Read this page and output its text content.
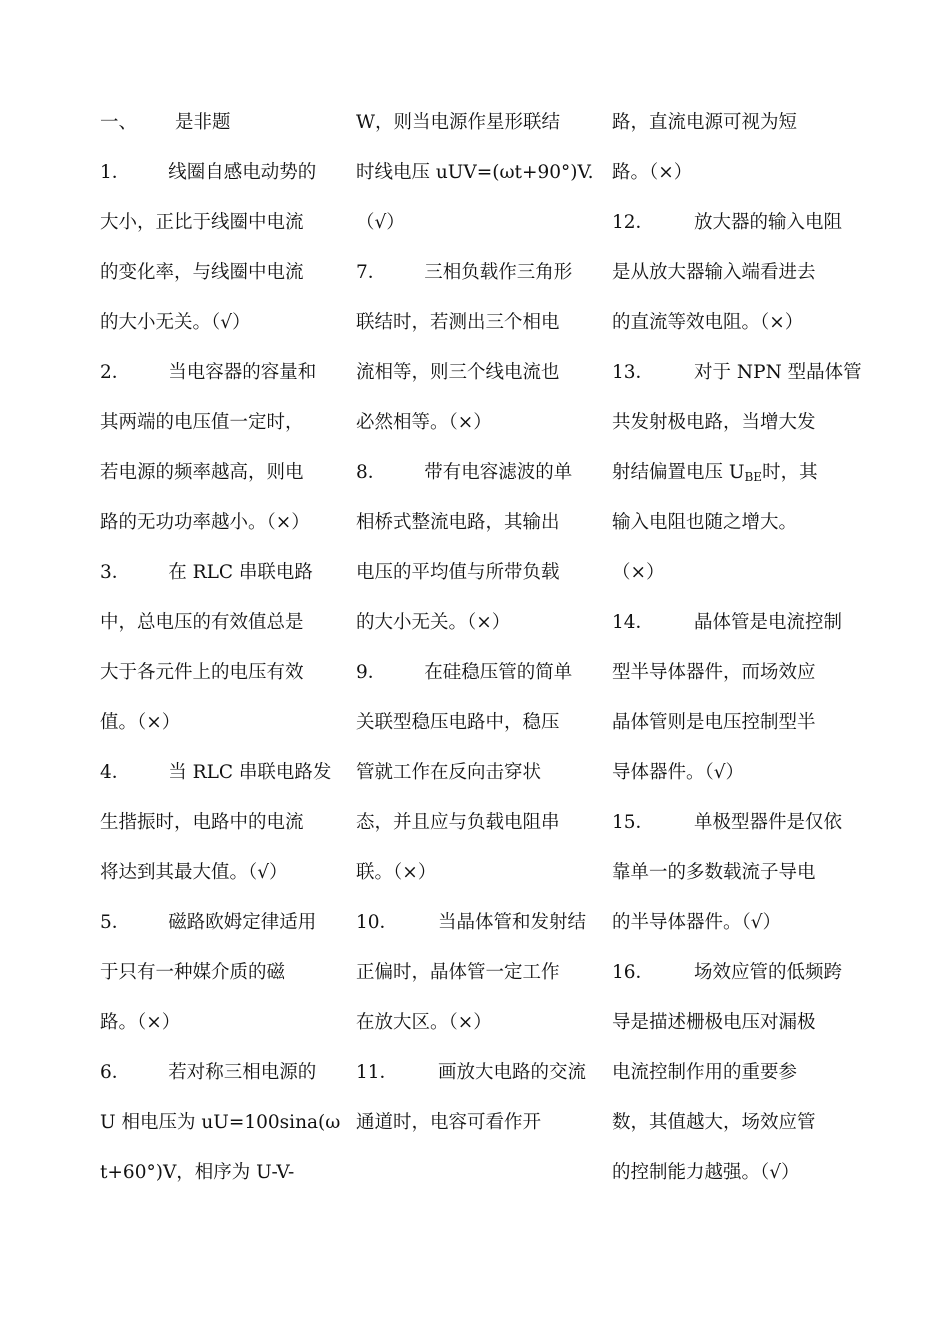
一、 是非题
1． 线圈自感电动势的
大小，正比于线圈中电流
的变化率，与线圈中电流
的大小无关。（√）
2． 当电容器的容量和
其两端的电压值一定时，
若电源的频率越高，则电
路的无功功率越小。（×）
3． 在 RLC 串联电路
中，总电压的有效值总是
大于各元件上的电压有效
值。（×）
4． 当 RLC 串联电路发
生揩振时，电路中的电流
将达到其最大值。（√）
5． 磁路欧姆定律适用
于只有一种媒介质的磁
路。（×）
6． 若对称三相电源的
U 相电压为 uU=100sina(ω
t+60°)V，相序为 U-V-
W，则当电源作星形联结
时线电压 uUV=(ωt+90°)V.
（√）
7． 三相负载作三角形
联结时，若测出三个相电
流相等，则三个线电流也
必然相等。（×）
8． 带有电容滤波的单
相桥式整流电路，其输出
电压的平均值与所带负载
的大小无关。（×）
9． 在硅稳压管的简单
关联型稳压电路中，稳压
管就工作在反向击穿状
态，并且应与负载电阻串
联。（×）
10． 当晶体管和发射结
正偏时，晶体管一定工作
在放大区。（×）
11． 画放大电路的交流
通道时，电容可看作开
路，直流电源可视为短
路。（×）
12． 放大器的输入电阻
是从放大器输入端看进去
的直流等效电阻。（×）
13． 对于 NPN 型晶体管
共发射极电路，当增大发
射结偏置电压 $U_{BE}$时，其
输入电阻也随之增大。
（×）
14． 晶体管是电流控制
型半导体器件，而场效应
晶体管则是电压控制型半
导体器件。（√）
15． 单极型器件是仅依
靠单一的多数载流子导电
的半导体器件。（√）
16． 场效应管的低频跨
导是描述栅极电压对漏极
电流控制作用的重要参
数，其值越大，场效应管
的控制能力越强。（√）
